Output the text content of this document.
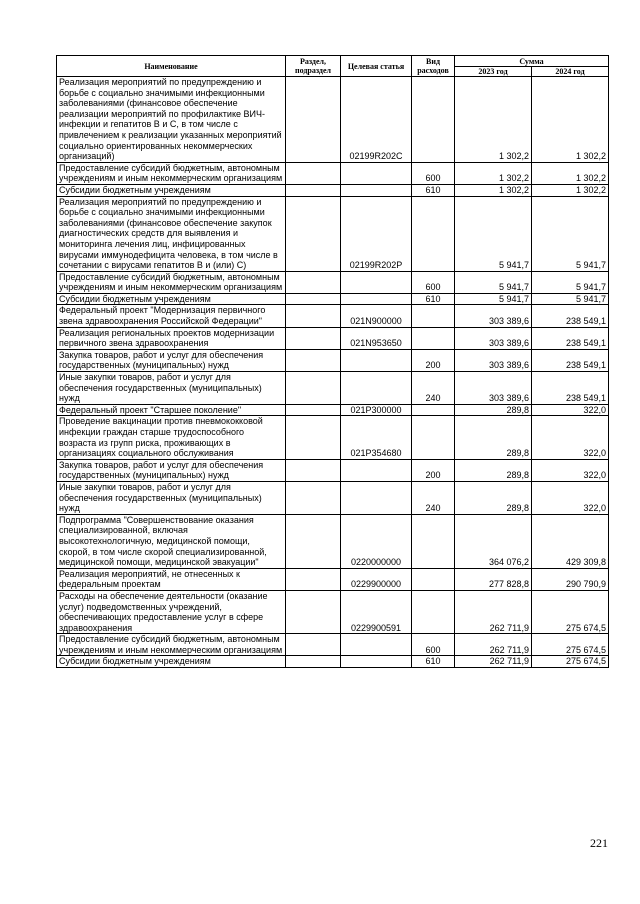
Наименование	Раздел, подраздел	Целевая статья	Вид расходов	Сумма	
				2023 год	2024 год
Реализация мероприятий по предупреждению и борьбе с социально значимыми инфекционными заболеваниями (финансовое обеспечение реализации мероприятий по профилактике ВИЧ- инфекции и гепатитов В и С, в том числе с привлечением к реализации указанных мероприятий социально ориентированных некоммерческих организаций)		02199R202C		1 302,2	1 302,2
Предоставление субсидий бюджетным, автономным учреждениям и иным некоммерческим организациям			600	1 302,2	1 302,2
Субсидии бюджетным учреждениям			610	1 302,2	1 302,2
Реализация мероприятий по предупреждению и борьбе с социально значимыми инфекционными заболеваниями (финансовое обеспечение закупок диагностических средств для выявления и мониторинга лечения лиц, инфицированных вирусами иммунодефицита человека, в том числе в сочетании с вирусами гепатитов В и (или) С)		02199R202P		5 941,7	5 941,7
Предоставление субсидий бюджетным, автономным учреждениям и иным некоммерческим организациям			600	5 941,7	5 941,7
Субсидии бюджетным учреждениям			610	5 941,7	5 941,7
Федеральный проект "Модернизация первичного звена здравоохранения Российской Федерации"		021N900000		303 389,6	238 549,1
Реализация региональных проектов модернизации первичного звена здравоохранения		021N953650		303 389,6	238 549,1
Закупка товаров, работ и услуг для обеспечения государственных (муниципальных) нужд			200	303 389,6	238 549,1
Иные закупки товаров, работ и услуг для обеспечения государственных (муниципальных) нужд			240	303 389,6	238 549,1
Федеральный проект "Старшее поколение"		021P300000		289,8	322,0
Проведение вакцинации против пневмококковой инфекции граждан старше трудоспособного возраста из групп риска, проживающих в организациях социального обслуживания		021P354680		289,8	322,0
Закупка товаров, работ и услуг для обеспечения государственных (муниципальных) нужд			200	289,8	322,0
Иные закупки товаров, работ и услуг для обеспечения государственных (муниципальных) нужд			240	289,8	322,0
Подпрограмма "Совершенствование оказания специализированной, включая высокотехнологичную, медицинской помощи, скорой, в том числе скорой специализированной, медицинской помощи, медицинской эвакуации"		0220000000		364 076,2	429 309,8
Реализация мероприятий, не отнесенных к федеральным проектам		0229900000		277 828,8	290 790,9
Расходы на обеспечение деятельности (оказание услуг) подведомственных учреждений, обеспечивающих предоставление услуг в сфере здравоохранения		0229900591		262 711,9	275 674,5
Предоставление субсидий бюджетным, автономным учреждениям и иным некоммерческим организациям			600	262 711,9	275 674,5
Субсидии бюджетным учреждениям			610	262 711,9	275 674,5
221
